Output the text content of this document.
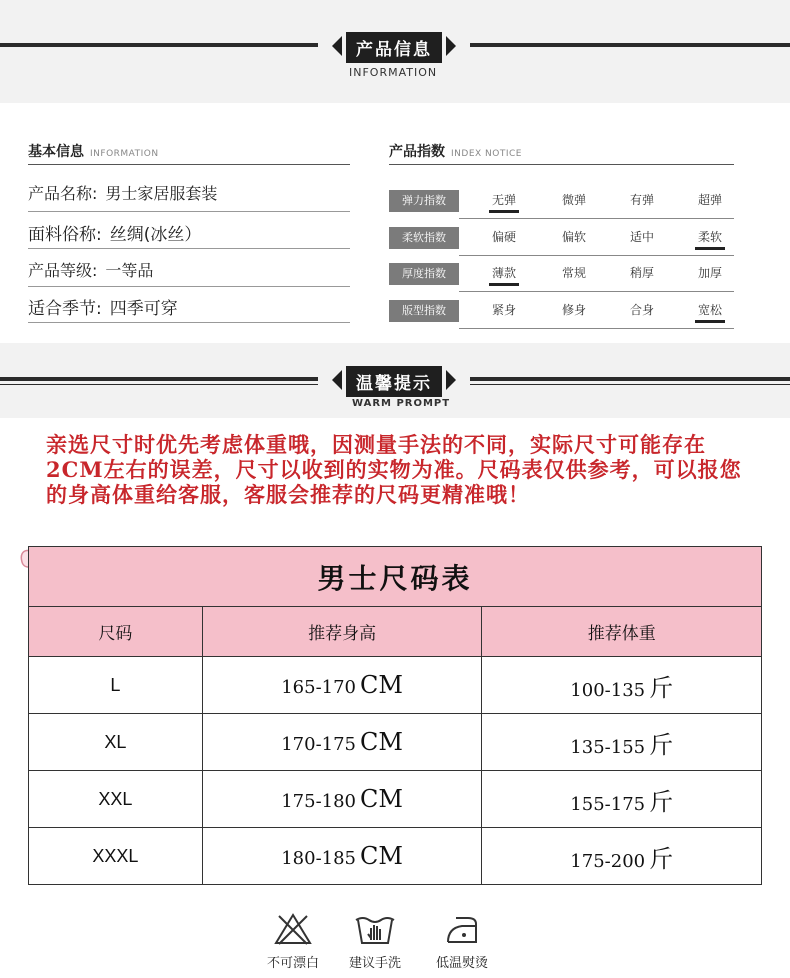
产品信息
INFORMATION
基本信息 INFORMATION
产品名称: 男士家居服套装
面料俗称: 丝绸(冰丝）
产品等级: 一等品
适合季节: 四季可穿
产品指数 INDEX NOTICE
弹力指数	无弹	微弹	有弹	超弹
柔软指数	偏硬	偏软	适中	柔软
厚度指数	薄款	常规	稍厚	加厚
版型指数	紧身	修身	合身	宽松
温馨提示
WARM PROMPT
亲选尺寸时优先考虑体重哦，因测量手法的不同，实际尺寸可能存在2CM左右的误差，尺寸以收到的实物为准。尺码表仅供参考，可以报您的身高体重给客服，客服会推荐的尺码更精准哦！
男士尺码表		
尺码	推荐身高	推荐体重
L	165-170 CM	100-135 斤
XL	170-175 CM	135-155 斤
XXL	175-180 CM	155-175 斤
XXXL	180-185 CM	175-200 斤
不可漂白	建议手洗	低温熨烫
